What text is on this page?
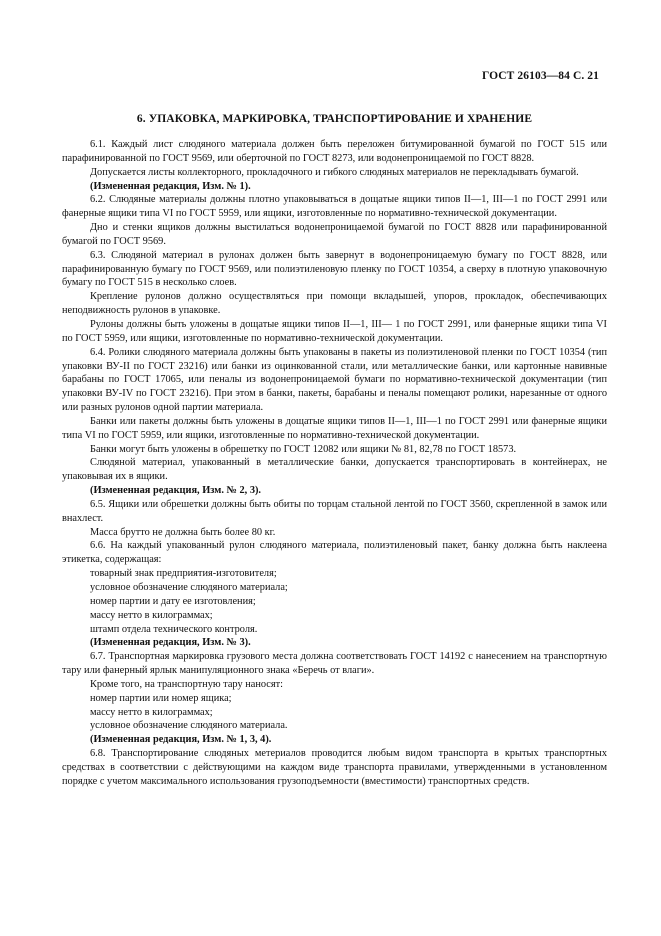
ГОСТ 26103—84 С. 21
6. УПАКОВКА, МАРКИРОВКА, ТРАНСПОРТИРОВАНИЕ И ХРАНЕНИЕ

6.1. Каждый лист слюдяного материала должен быть переложен битумированной бумагой по ГОСТ 515 или парафинированной по ГОСТ 9569, или оберточной по ГОСТ 8273, или водонепроницаемой по ГОСТ 8828.

Допускается листы коллекторного, прокладочного и гибкого слюдяных материалов не перекладывать бумагой.

(Измененная редакция, Изм. № 1).

6.2. Слюдяные материалы должны плотно упаковываться в дощатые ящики типов II—1, III—1 по ГОСТ 2991 или фанерные ящики типа VI по ГОСТ 5959, или ящики, изготовленные по нормативно-технической документации.

Дно и стенки ящиков должны выстилаться водонепроницаемой бумагой по ГОСТ 8828 или парафинированной бумагой по ГОСТ 9569.

6.3. Слюдяной материал в рулонах должен быть завернут в водонепроницаемую бумагу по ГОСТ 8828, или парафинированную бумагу по ГОСТ 9569, или полиэтиленовую пленку по ГОСТ 10354, а сверху в плотную упаковочную бумагу по ГОСТ 515 в несколько слоев.

Крепление рулонов должно осуществляться при помощи вкладышей, упоров, прокладок, обеспечивающих неподвижность рулонов в упаковке.

Рулоны должны быть уложены в дощатые ящики типов II—1, III— 1 по ГОСТ 2991, или фанерные ящики типа VI по ГОСТ 5959, или ящики, изготовленные по нормативно-технической документации.

6.4. Ролики слюдяного материала должны быть упакованы в пакеты из полиэтиленовой пленки по ГОСТ 10354 (тип упаковки ВУ-II по ГОСТ 23216) или банки из оцинкованной стали, или металлические банки, или картонные навивные барабаны по ГОСТ 17065, или пеналы из водонепроницаемой бумаги по нормативно-технической документации (тип упаковки ВУ-IV по ГОСТ 23216). При этом в банки, пакеты, барабаны и пеналы помещают ролики, нарезанные от одного или разных рулонов одной партии материала.

Банки или пакеты должны быть уложены в дощатые ящики типов II—1, III—1 по ГОСТ 2991 или фанерные ящики типа VI по ГОСТ 5959, или ящики, изготовленные по нормативно-технической документации.

Банки могут быть уложены в обрешетку по ГОСТ 12082 или ящики № 81, 82,78 по ГОСТ 18573.

Слюдяной материал, упакованный в металлические банки, допускается транспортировать в контейнерах, не упаковывая их в ящики.

(Измененная редакция, Изм. № 2, 3).

6.5. Ящики или обрешетки должны быть обиты по торцам стальной лентой по ГОСТ 3560, скрепленной в замок или внахлест.

Масса брутто не должна быть более 80 кг.

6.6. На каждый упакованный рулон слюдяного материала, полиэтиленовый пакет, банку должна быть наклеена этикетка, содержащая:

товарный знак предприятия-изготовителя;

условное обозначение слюдяного материала;

номер партии и дату ее изготовления;

массу нетто в килограммах;

штамп отдела технического контроля.

(Измененная редакция, Изм. № 3).

6.7. Транспортная маркировка грузового места должна соответствовать ГОСТ 14192 с нанесением на транспортную тару или фанерный ярлык манипуляционного знака «Беречь от влаги».

Кроме того, на транспортную тару наносят:

номер партии или номер ящика;

массу нетто в килограммах;

условное обозначение слюдяного материала.

(Измененная редакция, Изм. № 1, 3, 4).

6.8. Транспортирование слюдяных метериалов проводится любым видом транспорта в крытых транспортных средствах в соответствии с действующими на каждом виде транспорта правилами, утвержденными в установленном порядке с учетом максимального использования грузоподъемности (вместимости) транспортных средств.
